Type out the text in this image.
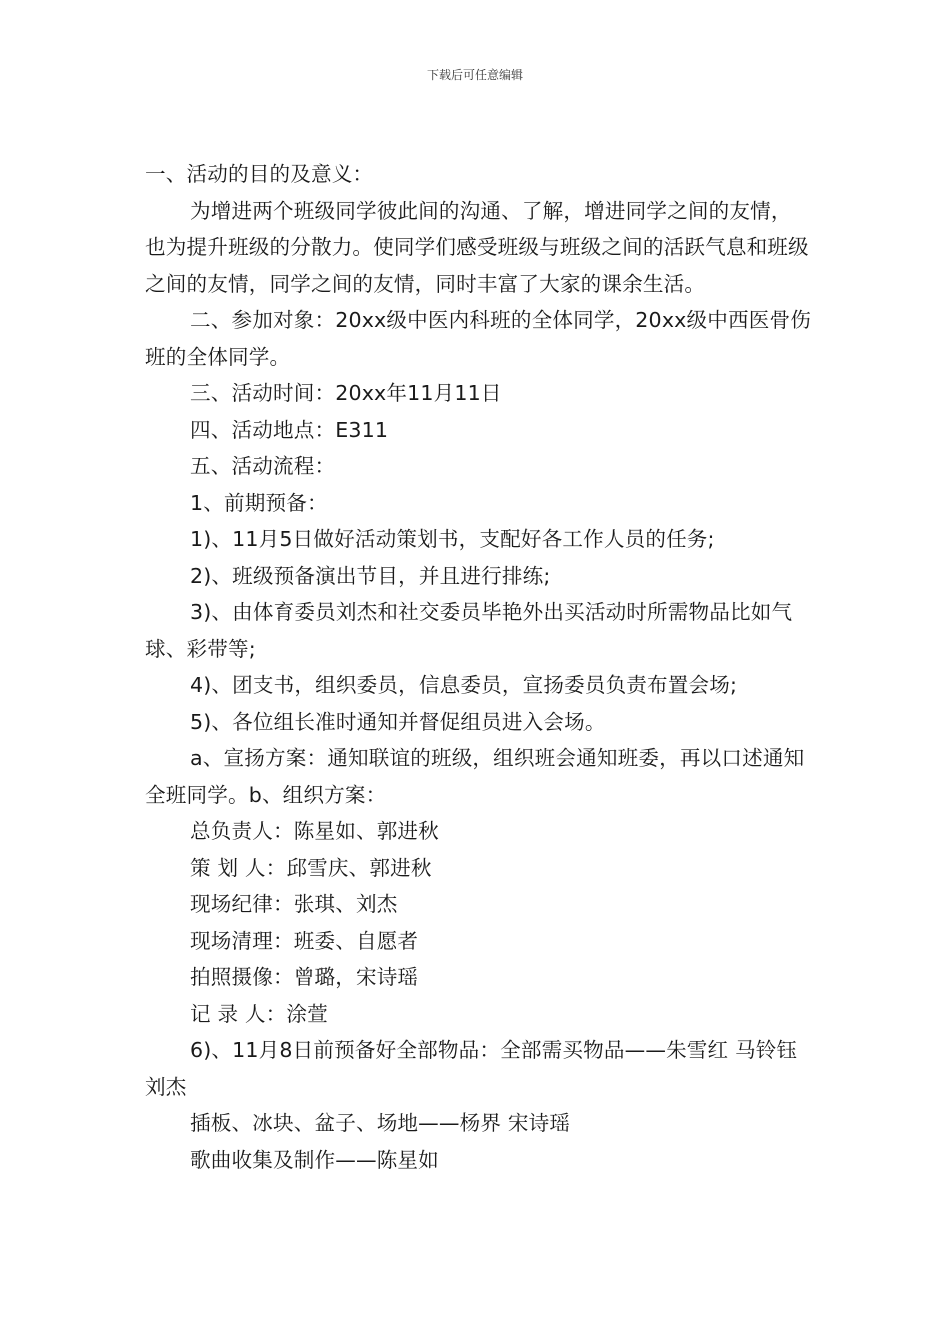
下载后可任意编辑

一、活动的目的及意义：

为增进两个班级同学彼此间的沟通、了解，增进同学之间的友情，也为提升班级的分散力。使同学们感受班级与班级之间的活跃气息和班级之间的友情，同学之间的友情，同时丰富了大家的课余生活。

二、参加对象：20xx级中医内科班的全体同学，20xx级中西医骨伤班的全体同学。

三、活动时间：20xx年11月11日

四、活动地点：E311

五、活动流程：

1、前期预备：

1)、11月5日做好活动策划书，支配好各工作人员的任务;

2)、班级预备演出节目，并且进行排练;

3)、由体育委员刘杰和社交委员毕艳外出买活动时所需物品比如气球、彩带等;

4)、团支书，组织委员，信息委员，宣扬委员负责布置会场;

5)、各位组长准时通知并督促组员进入会场。

a、宣扬方案：通知联谊的班级，组织班会通知班委，再以口述通知全班同学。b、组织方案：

总负责人：陈星如、郭进秋

策 划 人：邱雪庆、郭进秋

现场纪律：张琪、刘杰

现场清理：班委、自愿者

拍照摄像：曾璐，宋诗瑶

记 录 人：涂萱

6)、11月8日前预备好全部物品：全部需买物品——朱雪红 马铃钰 刘杰

插板、冰块、盆子、场地——杨界 宋诗瑶

歌曲收集及制作——陈星如
